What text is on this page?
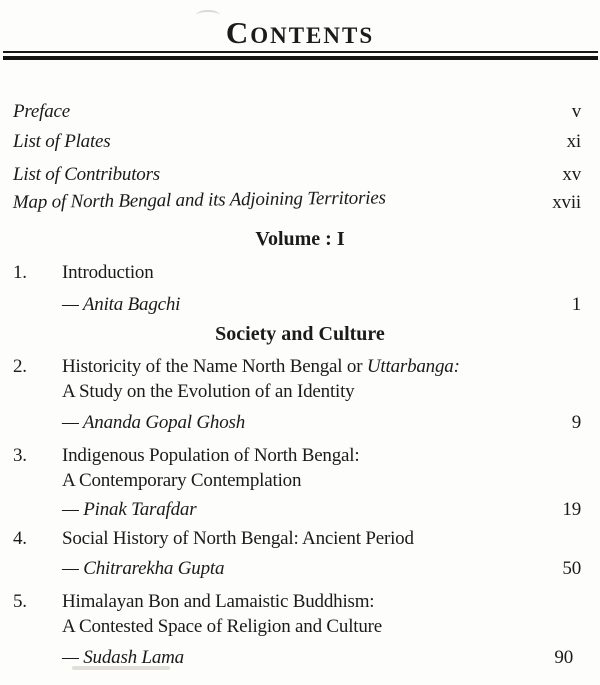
CONTENTS
Preface	v
List of Plates	xi
List of Contributors	xv
Map of North Bengal and its Adjoining Territories	xvii
Volume : I
1.	Introduction
— Anita Bagchi	1
Society and Culture
2.	Historicity of the Name North Bengal or Uttarbanga:
A Study on the Evolution of an Identity
— Ananda Gopal Ghosh	9
3.	Indigenous Population of North Bengal:
A Contemporary Contemplation
— Pinak Tarafdar	19
4.	Social History of North Bengal: Ancient Period
— Chitrarekha Gupta	50
5.	Himalayan Bon and Lamaistic Buddhism:
A Contested Space of Religion and Culture
— Sudash Lama	90
